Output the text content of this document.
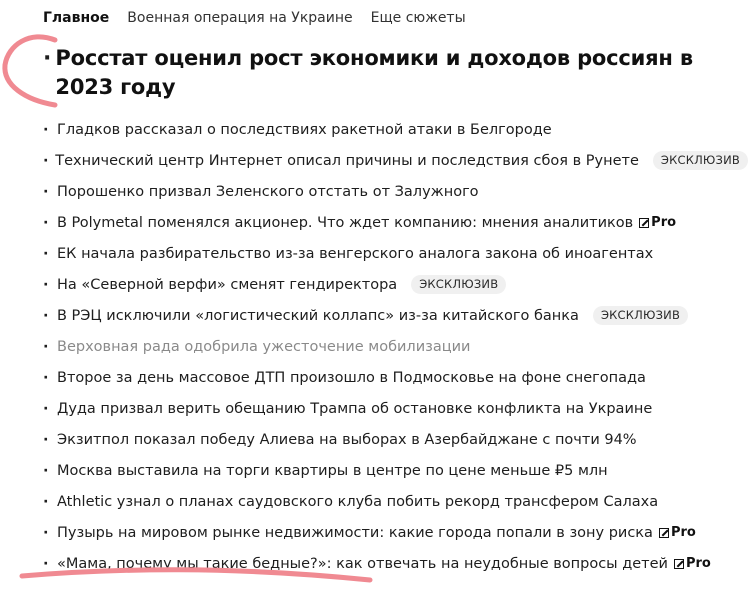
Главное Военная операция на Украине Еще сюжеты
· Росстат оценил рост экономики и доходов россиян в 2023 году
· Гладков рассказал о последствиях ракетной атаки в Белгороде
· Технический центр Интернет описал причины и последствия сбоя в Рунете	ЭКСКЛЮЗИВ
· Порошенко призвал Зеленского отстать от Залужного
· В Polymetal поменялся акционер. Что ждет компанию: мнения аналитиков Pro
· ЕК начала разбирательство из-за венгерского аналога закона об иноагентах
· На «Северной верфи» сменят гендиректора	ЭКСКЛЮЗИВ
· В РЭЦ исключили «логистический коллапс» из-за китайского банка	ЭКСКЛЮЗИВ
· Верховная рада одобрила ужесточение мобилизации
· Второе за день массовое ДТП произошло в Подмосковье на фоне снегопада
· Дуда призвал верить обещанию Трампа об остановке конфликта на Украине
· Экзитпол показал победу Алиева на выборах в Азербайджане с почти 94%
· Москва выставила на торги квартиры в центре по цене меньше ₽5 млн
· Athletic узнал о планах саудовского клуба побить рекорд трансфером Салаха
· Пузырь на мировом рынке недвижимости: какие города попали в зону риска Pro
· «Мама, почему мы такие бедные?»: как отвечать на неудобные вопросы детей Pro
